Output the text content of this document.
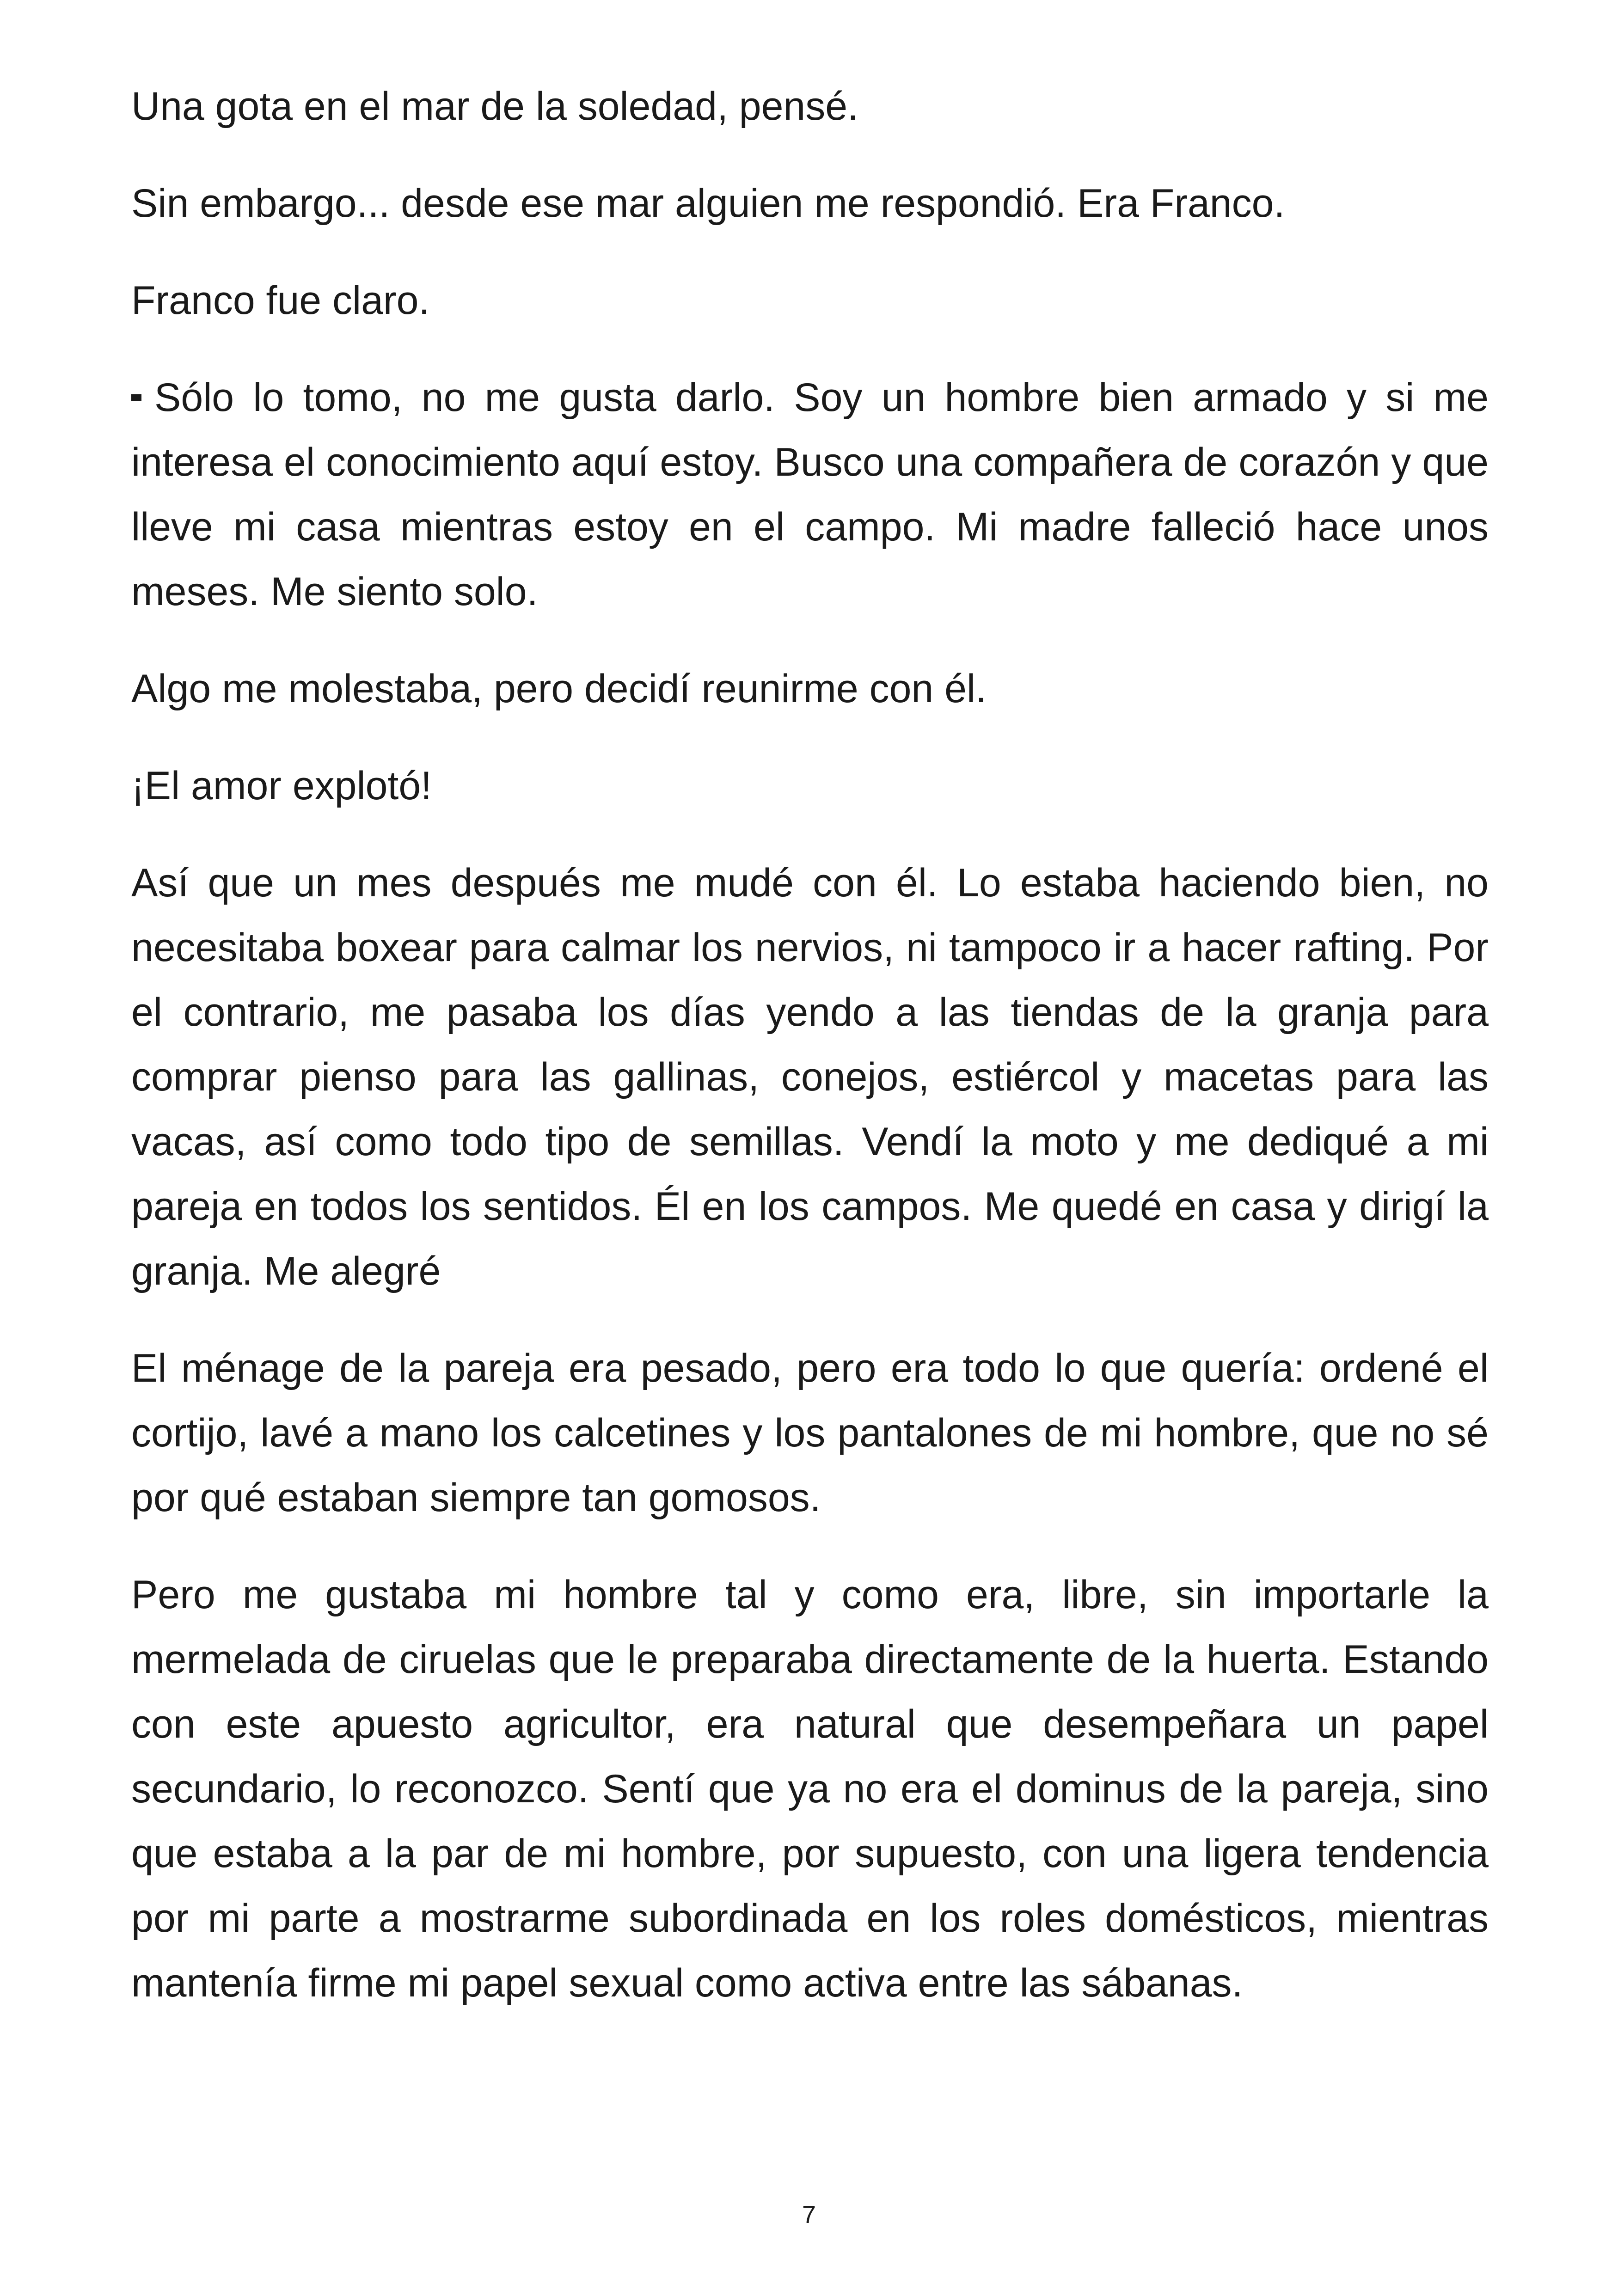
Una gota en el mar de la soledad, pensé.

Sin embargo... desde ese mar alguien me respondió. Era Franco.

Franco fue claro.

Sólo lo tomo, no me gusta darlo. Soy un hombre bien armado y si me interesa el conocimiento aquí estoy. Busco una compañera de corazón y que lleve mi casa mientras estoy en el campo. Mi madre falleció hace unos meses. Me siento solo.

Algo me molestaba, pero decidí reunirme con él.

¡El amor explotó!

Así que un mes después me mudé con él. Lo estaba haciendo bien, no necesitaba boxear para calmar los nervios, ni tampoco ir a hacer rafting. Por el contrario, me pasaba los días yendo a las tiendas de la granja para comprar pienso para las gallinas, conejos, estiércol y macetas para las vacas, así como todo tipo de semillas. Vendí la moto y me dediqué a mi pareja en todos los sentidos. Él en los campos. Me quedé en casa y dirigí la granja. Me alegré

El ménage de la pareja era pesado, pero era todo lo que quería: ordené el cortijo, lavé a mano los calcetines y los pantalones de mi hombre, que no sé por qué estaban siempre tan gomosos.

Pero me gustaba mi hombre tal y como era, libre, sin importarle la mermelada de ciruelas que le preparaba directamente de la huerta. Estando con este apuesto agricultor, era natural que desempeñara un papel secundario, lo reconozco. Sentí que ya no era el dominus de la pareja, sino que estaba a la par de mi hombre, por supuesto, con una ligera tendencia por mi parte a mostrarme subordinada en los roles domésticos, mientras mantenía firme mi papel sexual como activa entre las sábanas.

7
